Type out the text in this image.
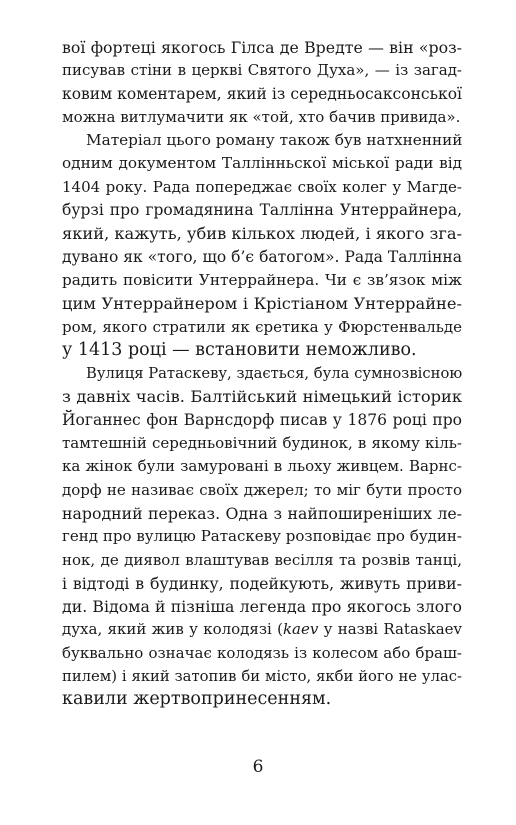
вої фортеці якогось Гілса де Вредте — він «роз-
писував стіни в церкві Святого Духа», — із загад-
ковим коментарем, який із середньосаксонської
можна витлумачити як «той, хто бачив привида».
Матеріал цього роману також був натхненний
одним документом Таллінньскої міської ради від
1404 року. Рада попереджає своїх колег у Магде-
бурзі про громадянина Таллінна Унтеррайнера,
який, кажуть, убив кількох людей, і якого зга-
дувано як «того, що б’є батогом». Рада Таллінна
радить повісити Унтеррайнера. Чи є зв’язок між
цим Унтеррайнером і Крістіаном Унтеррайне-
ром, якого стратили як єретика у Фюрстенвальде
у 1413 році — встановити неможливо.
Вулиця Ратаскеву, здається, була сумнозвісною
з давніх часів. Балтійський німецький історик
Йоганнес фон Варнсдорф писав у 1876 році про
тамтешній середньовічний будинок, в якому кіль-
ка жінок були замуровані в льоху живцем. Варнс-
дорф не називає своїх джерел; то міг бути просто
народний переказ. Одна з найпоширеніших ле-
генд про вулицю Ратаскеву розповідає про будин-
нок, де диявол влаштував весілля та розвів танці,
і відтоді в будинку, подейкують, живуть приви-
ди. Відома й пізніша легенда про якогось злого
духа, який жив у колодязі (kaev у назві Rataskaev
буквально означає колодязь із колесом або браш-
пилем) і який затопив би місто, якби його не улас-
кавили жертвопринесенням.
6
